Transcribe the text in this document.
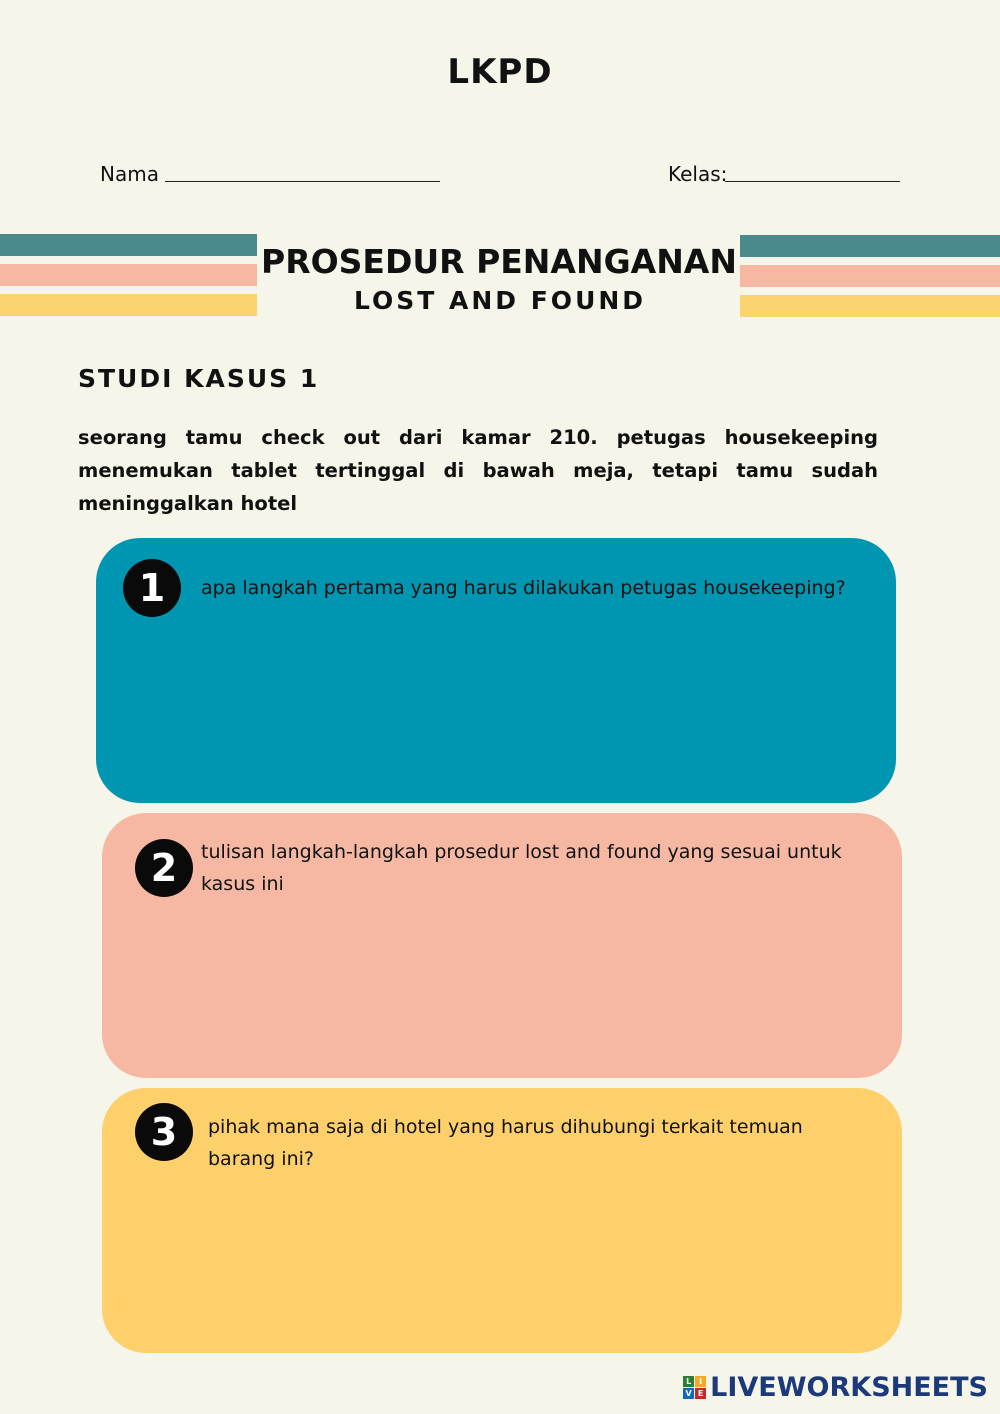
LKPD
Nama	Kelas:
PROSEDUR PENANGANAN
LOST AND FOUND
STUDI KASUS 1
seorang tamu check out dari kamar 210. petugas housekeeping menemukan tablet tertinggal di bawah meja, tetapi tamu sudah meninggalkan hotel
1	apa langkah pertama yang harus dilakukan petugas housekeeping?
2	tulisan langkah-langkah prosedur lost and found yang sesuai untuk kasus ini
3	pihak mana saja di hotel yang harus dihubungi terkait temuan barang ini?
L I
V E LIVEWORKSHEETS
